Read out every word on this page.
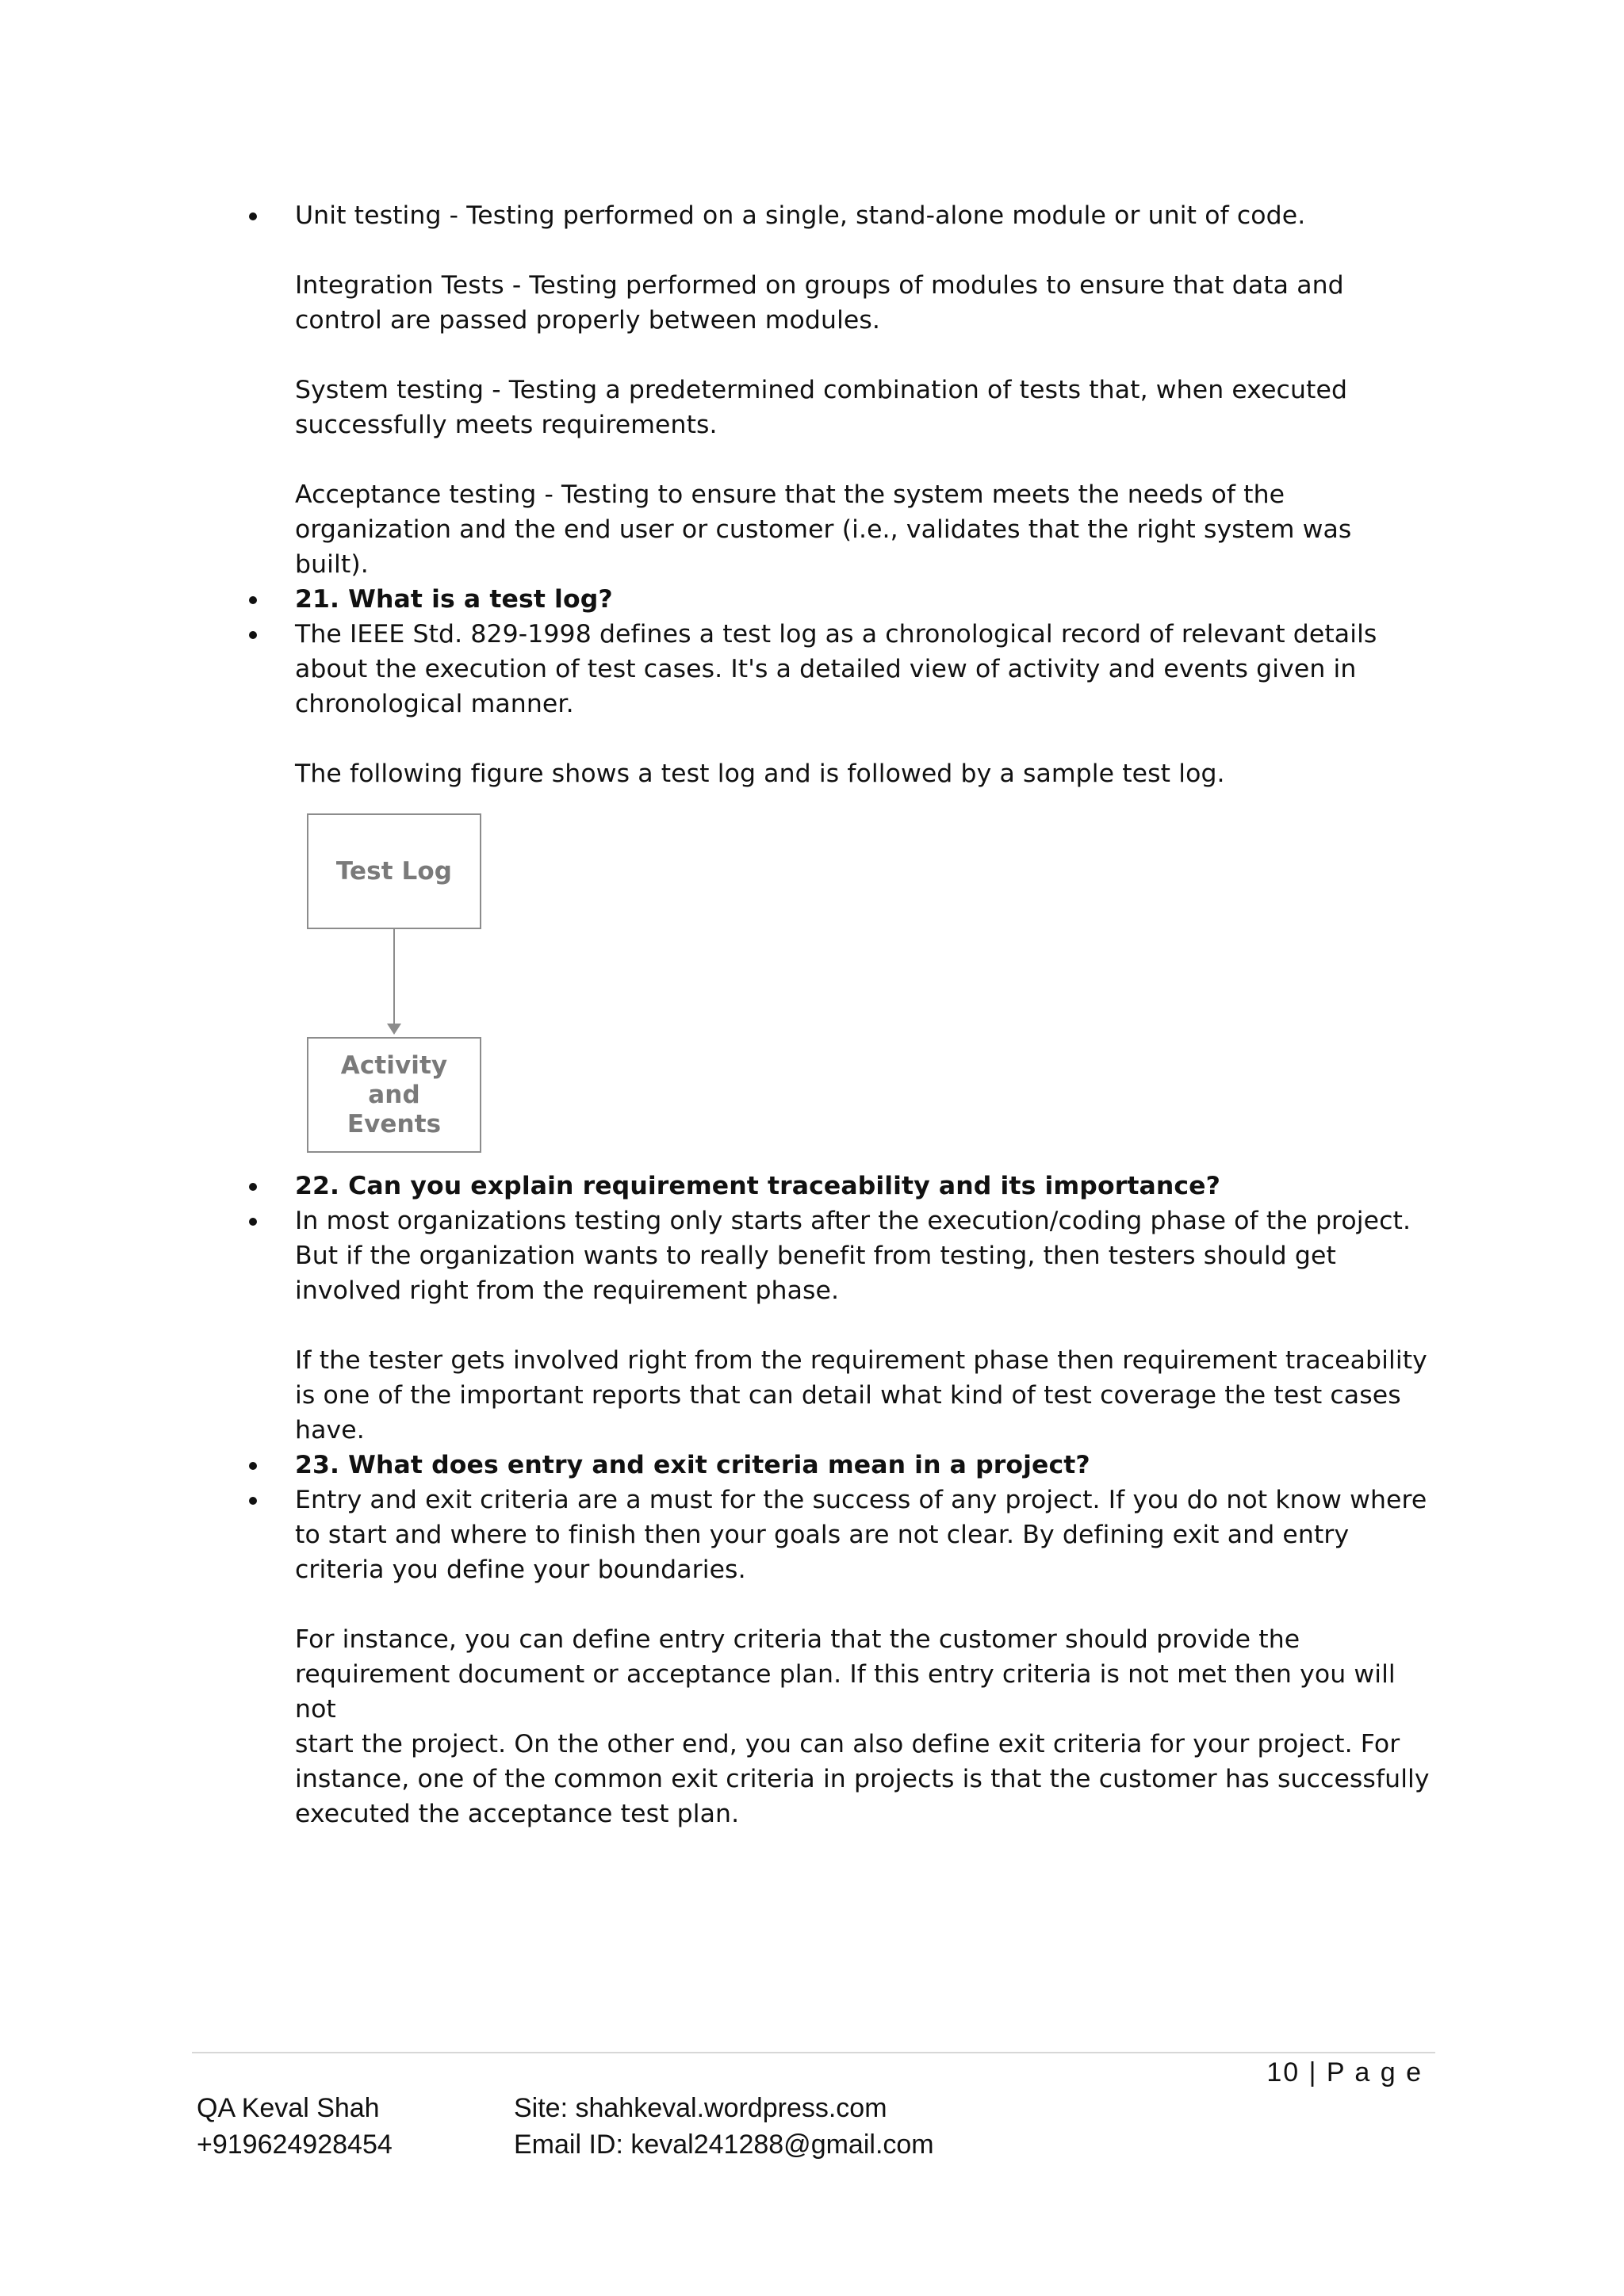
Unit testing - Testing performed on a single, stand-alone module or unit of code.
Integration Tests - Testing performed on groups of modules to ensure that data and
control are passed properly between modules.
System testing - Testing a predetermined combination of tests that, when executed
successfully meets requirements.
Acceptance testing - Testing to ensure that the system meets the needs of the
organization and the end user or customer (i.e., validates that the right system was built).
21. What is a test log?
The IEEE Std. 829-1998 defines a test log as a chronological record of relevant details
about the execution of test cases. It's a detailed view of activity and events given in
chronological manner.
The following figure shows a test log and is followed by a sample test log.
Test Log
Activity
and
Events
22. Can you explain requirement traceability and its importance?
In most organizations testing only starts after the execution/coding phase of the project.
But if the organization wants to really benefit from testing, then testers should get
involved right from the requirement phase.
If the tester gets involved right from the requirement phase then requirement traceability
is one of the important reports that can detail what kind of test coverage the test cases
have.
23. What does entry and exit criteria mean in a project?
Entry and exit criteria are a must for the success of any project. If you do not know where
to start and where to finish then your goals are not clear. By defining exit and entry
criteria you define your boundaries.
For instance, you can define entry criteria that the customer should provide the
requirement document or acceptance plan. If this entry criteria is not met then you will not
start the project. On the other end, you can also define exit criteria for your project. For
instance, one of the common exit criteria in projects is that the customer has successfully
executed the acceptance test plan.
10 | P a g e
QA Keval Shah
+919624928454
Site: shahkeval.wordpress.com
Email ID: keval241288@gmail.com
